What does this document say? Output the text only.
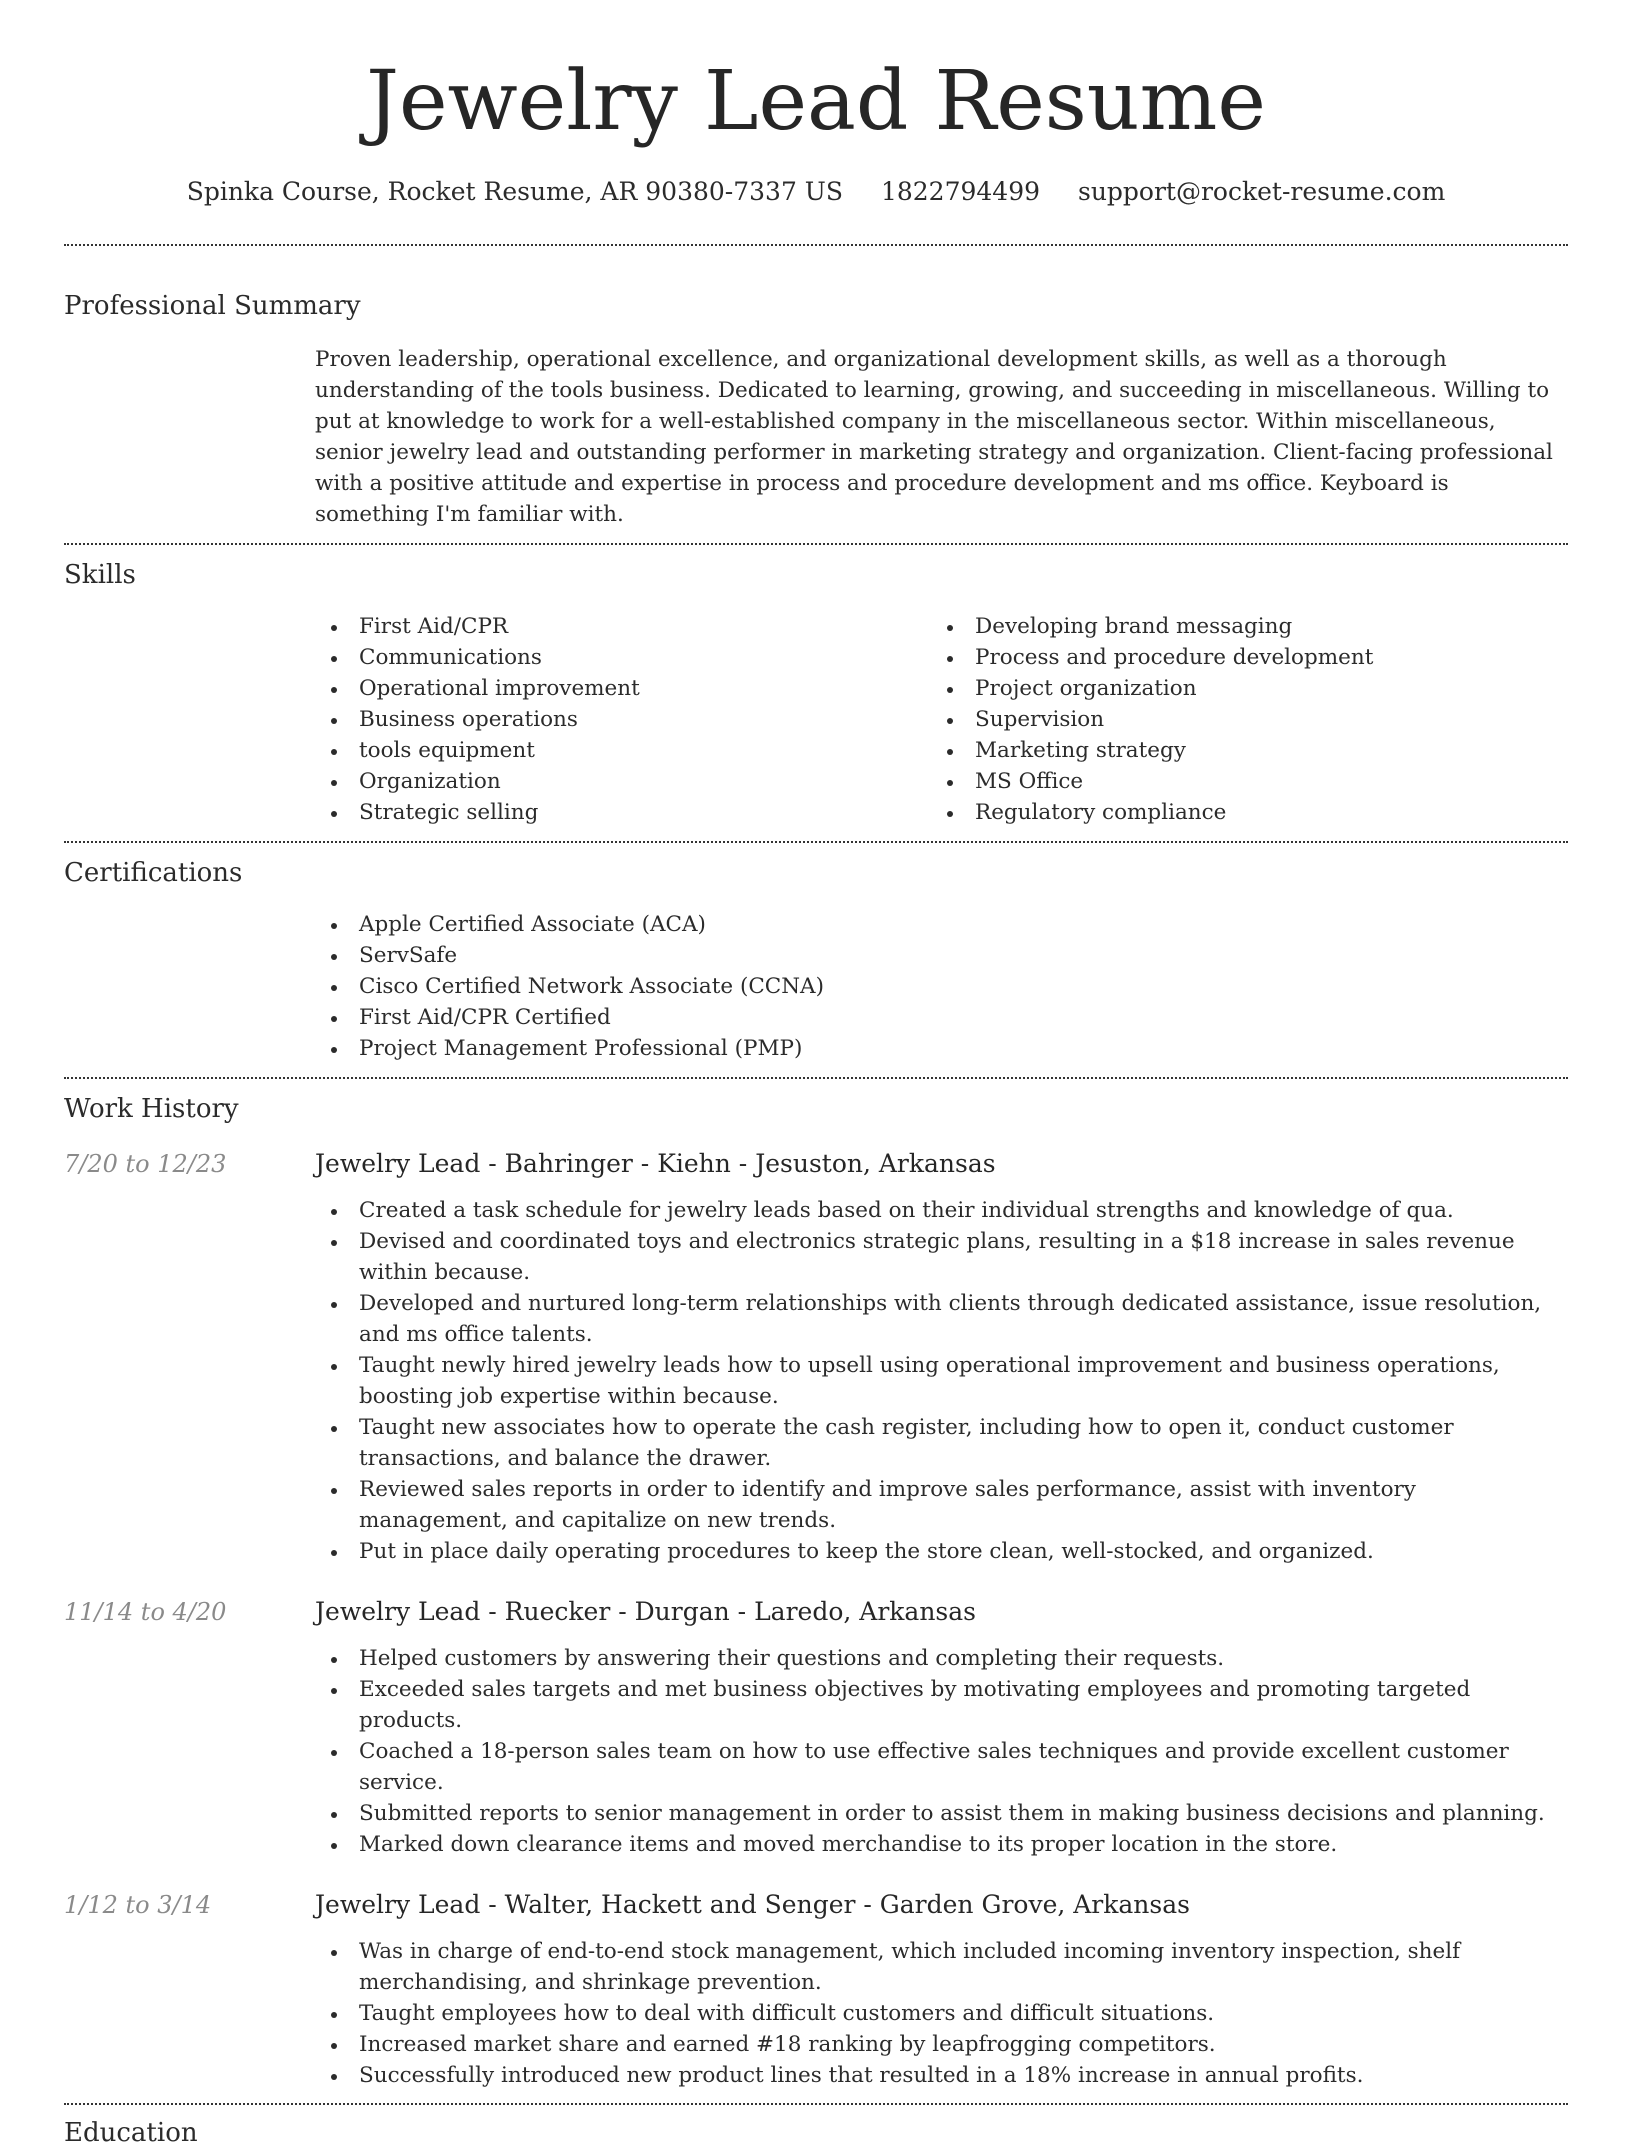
Jewelry Lead Resume
Spinka Course, Rocket Resume, AR 90380-7337 US 1822794499 support@rocket-resume.com
Professional Summary
Proven leadership, operational excellence, and organizational development skills, as well as a thorough understanding of the tools business. Dedicated to learning, growing, and succeeding in miscellaneous. Willing to put at knowledge to work for a well-established company in the miscellaneous sector. Within miscellaneous, senior jewelry lead and outstanding performer in marketing strategy and organization. Client-facing professional with a positive attitude and expertise in process and procedure development and ms office. Keyboard is something I'm familiar with.
Skills
First Aid/CPR
Communications
Operational improvement
Business operations
tools equipment
Organization
Strategic selling
Developing brand messaging
Process and procedure development
Project organization
Supervision
Marketing strategy
MS Office
Regulatory compliance
Certifications
Apple Certified Associate (ACA)
ServSafe
Cisco Certified Network Associate (CCNA)
First Aid/CPR Certified
Project Management Professional (PMP)
Work History
7/20 to 12/23	Jewelry Lead - Bahringer - Kiehn - Jesuston, Arkansas
Created a task schedule for jewelry leads based on their individual strengths and knowledge of qua.
Devised and coordinated toys and electronics strategic plans, resulting in a $18 increase in sales revenue within because.
Developed and nurtured long-term relationships with clients through dedicated assistance, issue resolution, and ms office talents.
Taught newly hired jewelry leads how to upsell using operational improvement and business operations, boosting job expertise within because.
Taught new associates how to operate the cash register, including how to open it, conduct customer transactions, and balance the drawer.
Reviewed sales reports in order to identify and improve sales performance, assist with inventory management, and capitalize on new trends.
Put in place daily operating procedures to keep the store clean, well-stocked, and organized.
11/14 to 4/20	Jewelry Lead - Ruecker - Durgan - Laredo, Arkansas
Helped customers by answering their questions and completing their requests.
Exceeded sales targets and met business objectives by motivating employees and promoting targeted products.
Coached a 18-person sales team on how to use effective sales techniques and provide excellent customer service.
Submitted reports to senior management in order to assist them in making business decisions and planning.
Marked down clearance items and moved merchandise to its proper location in the store.
1/12 to 3/14	Jewelry Lead - Walter, Hackett and Senger - Garden Grove, Arkansas
Was in charge of end-to-end stock management, which included incoming inventory inspection, shelf merchandising, and shrinkage prevention.
Taught employees how to deal with difficult customers and difficult situations.
Increased market share and earned #18 ranking by leapfrogging competitors.
Successfully introduced new product lines that resulted in a 18% increase in annual profits.
Education
